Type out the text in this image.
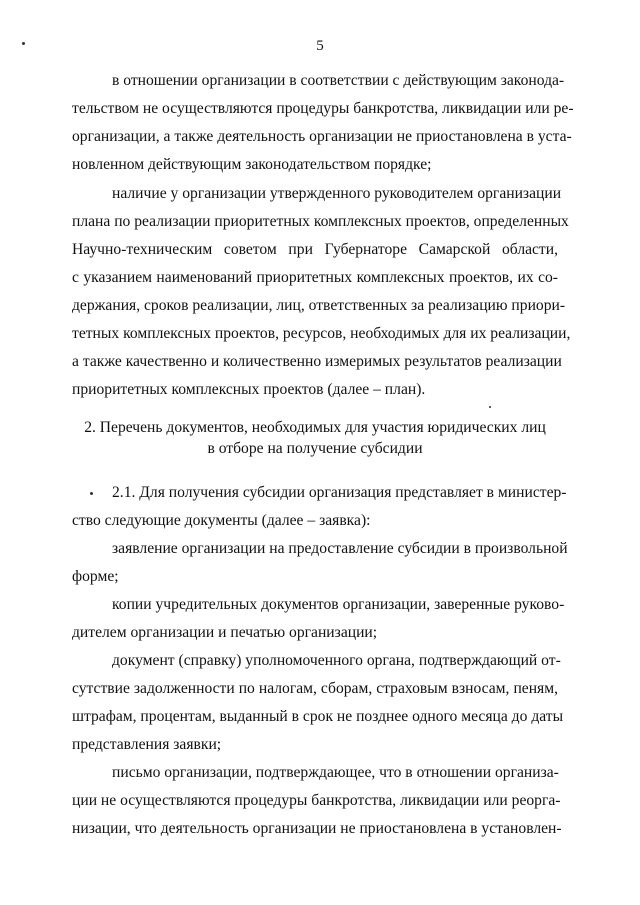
5
в отношении организации в соответствии с действующим законода-
тельством не осуществляются процедуры банкротства, ликвидации или ре-
организации, а также деятельность организации не приостановлена в уста-
новленном действующим законодательством порядке;
наличие у организации утвержденного руководителем организации
плана по реализации приоритетных комплексных проектов, определенных
Научно-техническим советом при Губернаторе Самарской области,
с указанием наименований приоритетных комплексных проектов, их со-
держания, сроков реализации, лиц, ответственных за реализацию приори-
тетных комплексных проектов, ресурсов, необходимых для их реализации,
а также качественно и количественно измеримых результатов реализации
приоритетных комплексных проектов (далее – план).
2. Перечень документов, необходимых для участия юридических лиц
в отборе на получение субсидии
2.1. Для получения субсидии организация представляет в министер-
ство следующие документы (далее – заявка):
заявление организации на предоставление субсидии в произвольной
форме;
копии учредительных документов организации, заверенные руково-
дителем организации и печатью организации;
документ (справку) уполномоченного органа, подтверждающий от-
сутствие задолженности по налогам, сборам, страховым взносам, пеням,
штрафам, процентам, выданный в срок не позднее одного месяца до даты
представления заявки;
письмо организации, подтверждающее, что в отношении организа-
ции не осуществляются процедуры банкротства, ликвидации или реорга-
низации, что деятельность организации не приостановлена в установлен-
